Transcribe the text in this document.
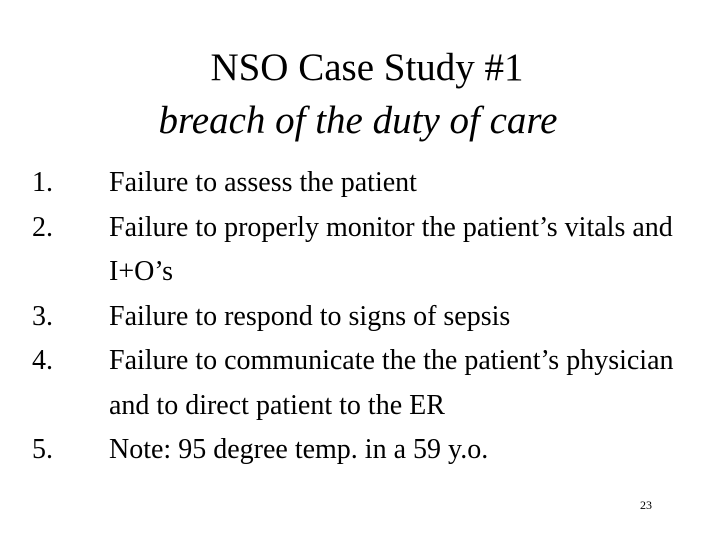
NSO Case Study #1
breach of the duty of care
1.	Failure to assess the patient
2.	Failure to properly monitor the patient’s vitals and I+O’s
3.	Failure to respond to signs of sepsis
4.	Failure to communicate the the patient’s physician and to direct patient to the ER
5.	Note: 95 degree temp. in a 59 y.o.
23
